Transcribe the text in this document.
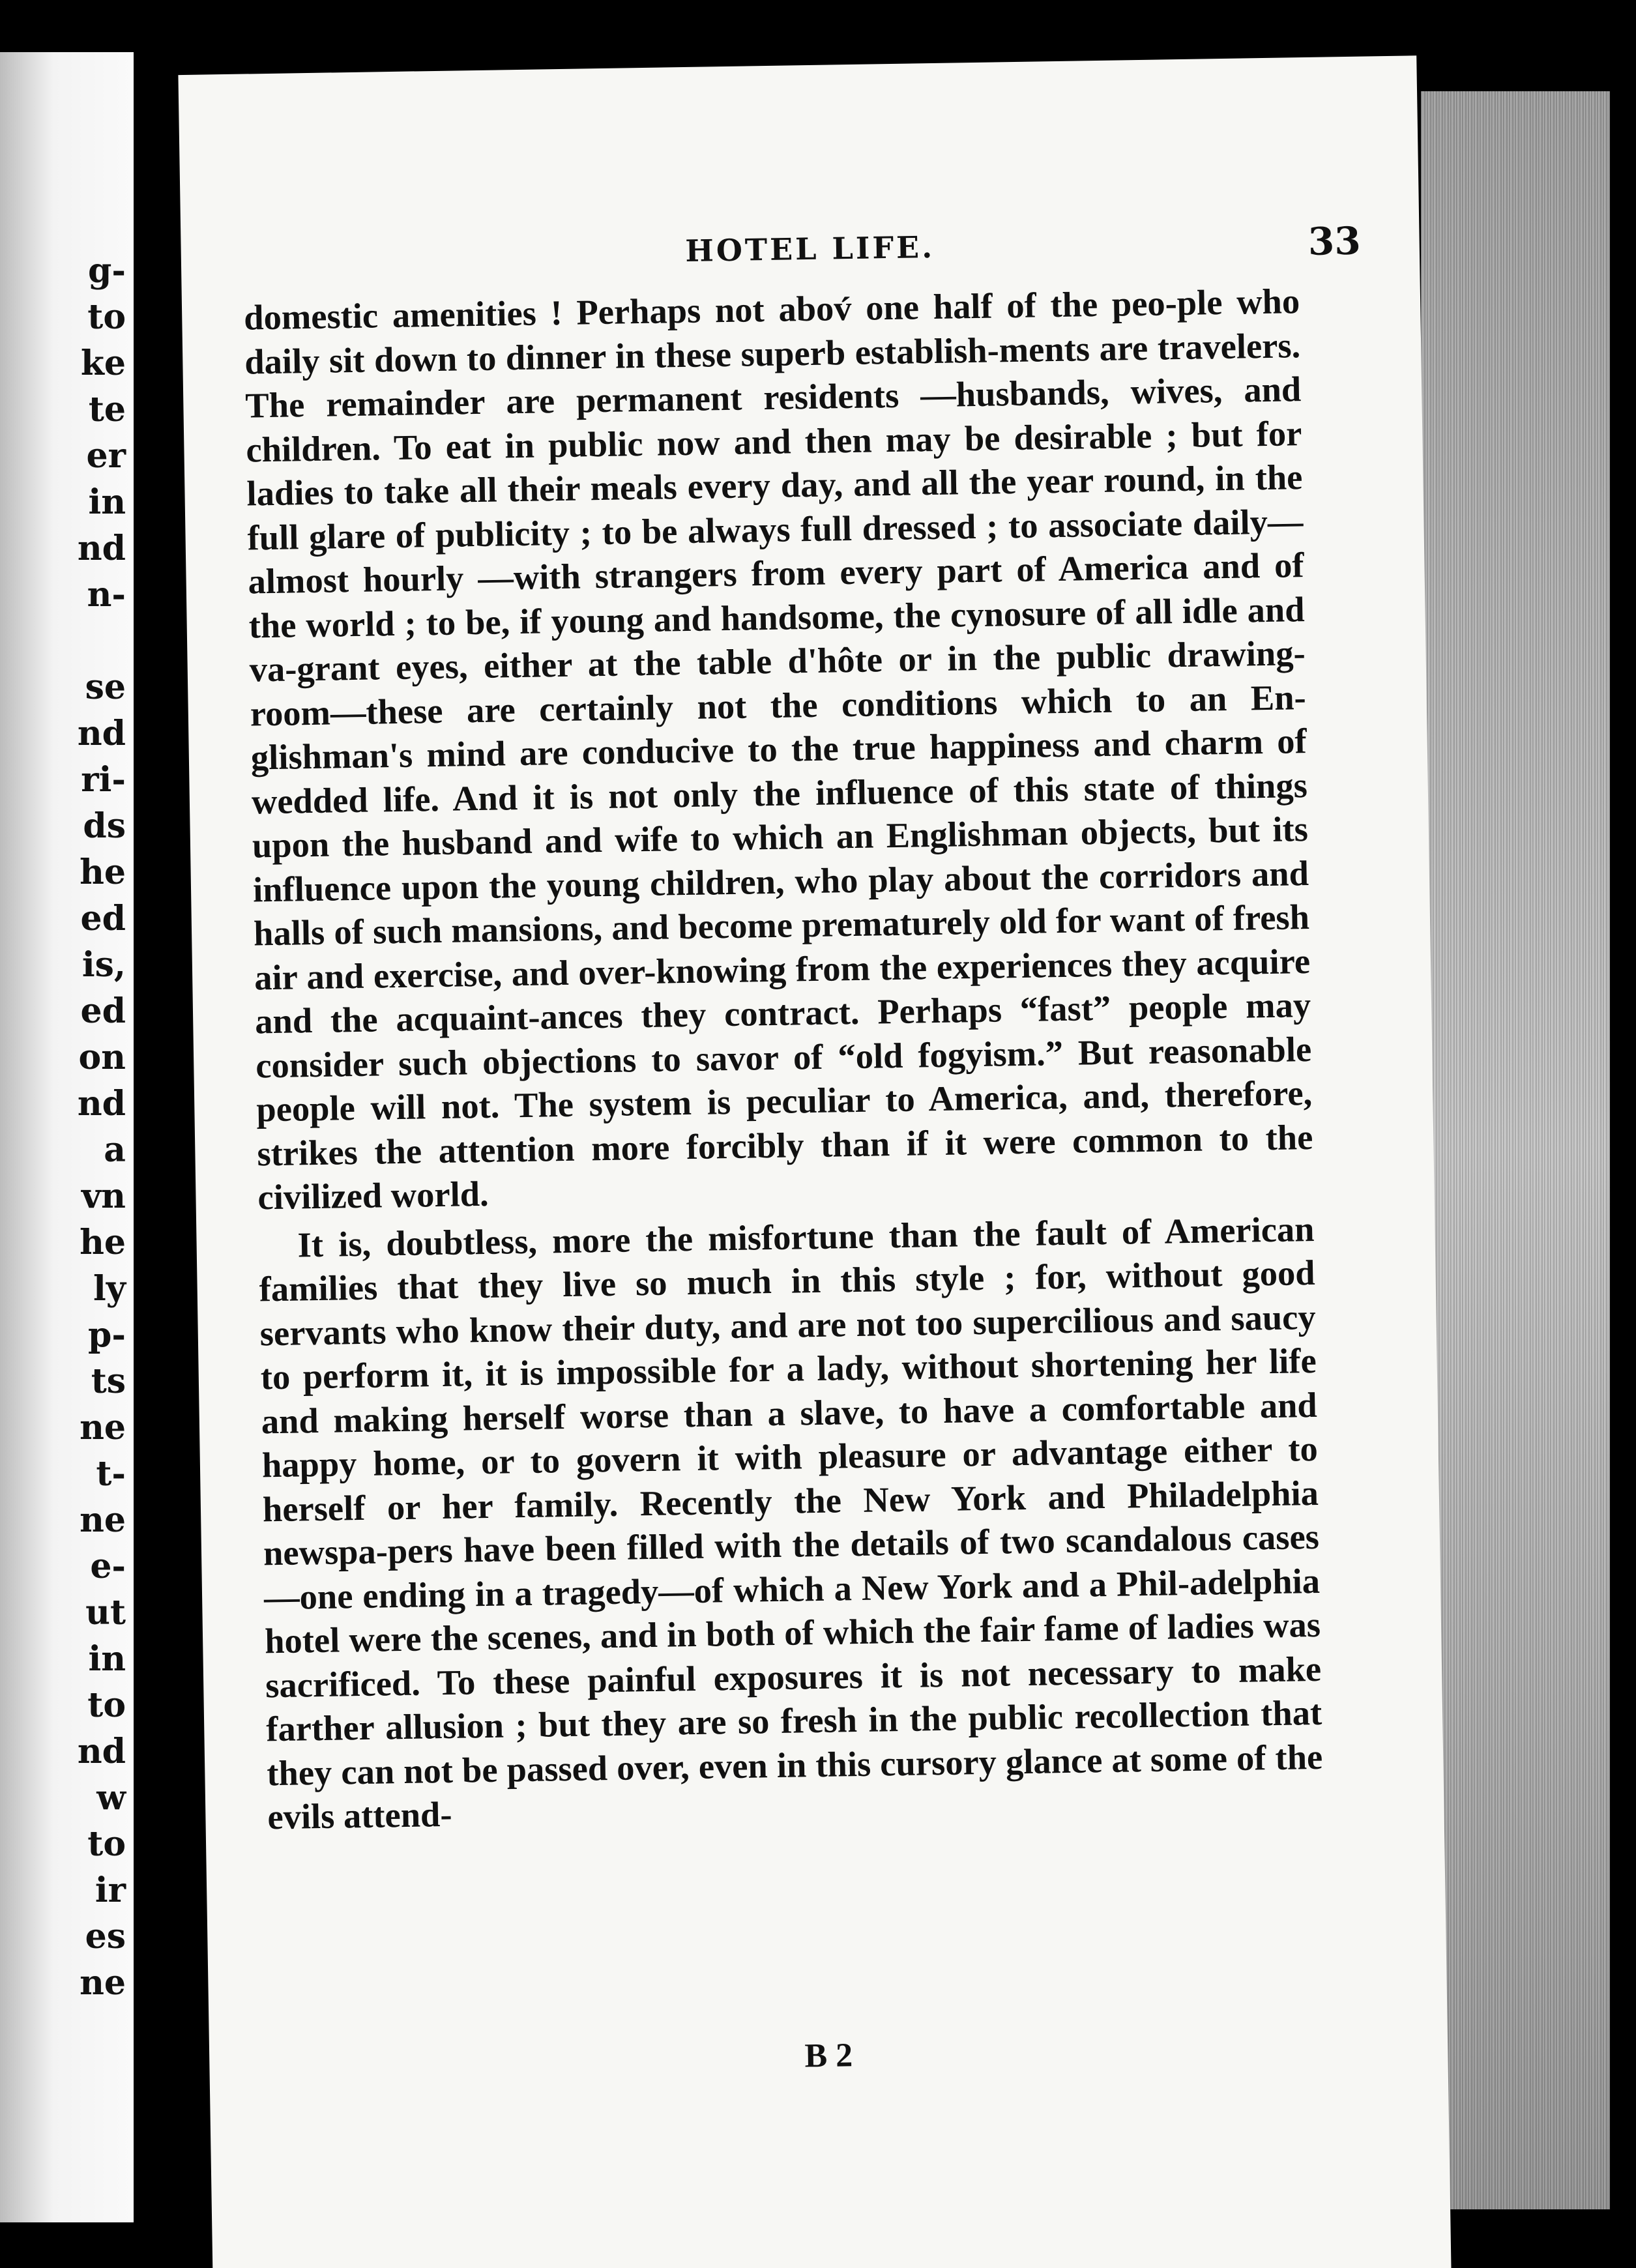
g-
to
ke
te
er
in
nd
n-

se
nd
ri-
ds
he
ed
is,
ed
on
nd
a
vn
he
ly
p-
ts
ne
t-
ne
e-
ut
in
to
nd
w
to
ir
es
ne
HOTEL LIFE.	33

domestic amenities ! Perhaps not abov́ one half of the peo-ple who daily sit down to dinner in these superb establish-ments are travelers. The remainder are permanent residents —husbands, wives, and children. To eat in public now and then may be desirable ; but for ladies to take all their meals every day, and all the year round, in the full glare of publicity ; to be always full dressed ; to associate daily—almost hourly —with strangers from every part of America and of the world ; to be, if young and handsome, the cynosure of all idle and va-grant eyes, either at the table d'hôte or in the public drawing-room—these are certainly not the conditions which to an En-glishman's mind are conducive to the true happiness and charm of wedded life. And it is not only the influence of this state of things upon the husband and wife to which an Englishman objects, but its influence upon the young children, who play about the corridors and halls of such mansions, and become prematurely old for want of fresh air and exercise, and over-knowing from the experiences they acquire and the acquaint-ances they contract. Perhaps “fast” people may consider such objections to savor of “old fogyism.” But reasonable people will not. The system is peculiar to America, and, therefore, strikes the attention more forcibly than if it were common to the civilized world.

It is, doubtless, more the misfortune than the fault of American families that they live so much in this style ; for, without good servants who know their duty, and are not too supercilious and saucy to perform it, it is impossible for a lady, without shortening her life and making herself worse than a slave, to have a comfortable and happy home, or to govern it with pleasure or advantage either to herself or her family. Recently the New York and Philadelphia newspa-pers have been filled with the details of two scandalous cases —one ending in a tragedy—of which a New York and a Phil-adelphia hotel were the scenes, and in both of which the fair fame of ladies was sacrificed. To these painful exposures it is not necessary to make farther allusion ; but they are so fresh in the public recollection that they can not be passed over, even in this cursory glance at some of the evils attend-

B 2
